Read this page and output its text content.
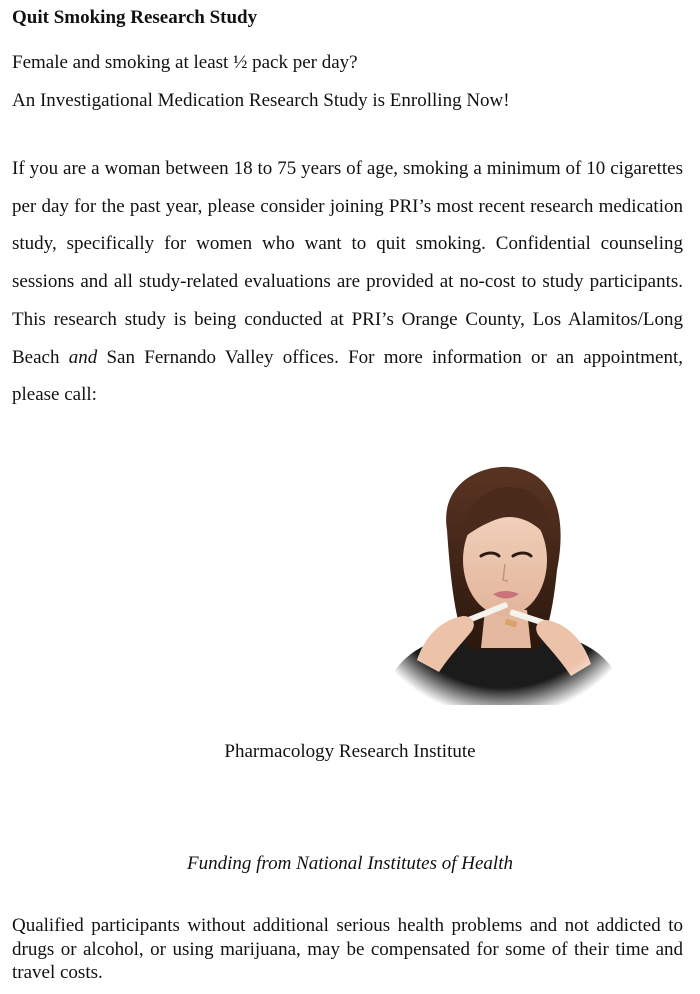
Quit Smoking Research Study
Female and smoking at least ½ pack per day?
An Investigational Medication Research Study is Enrolling Now!

If you are a woman between 18 to 75 years of age, smoking a minimum of 10 cigarettes per day for the past year, please consider joining PRI’s most recent research medication study, specifically for women who want to quit smoking. Confidential counseling sessions and all study-related evaluations are provided at no-cost to study participants. This research study is being conducted at PRI’s Orange County, Los Alamitos/Long Beach and San Fernando Valley offices. For more information or an appointment, please call:

Pharmacology Research Institute
Funding from National Institutes of Health

Qualified participants without additional serious health problems and not addicted to drugs or alcohol, or using marijuana, may be compensated for some of their time and travel costs.
